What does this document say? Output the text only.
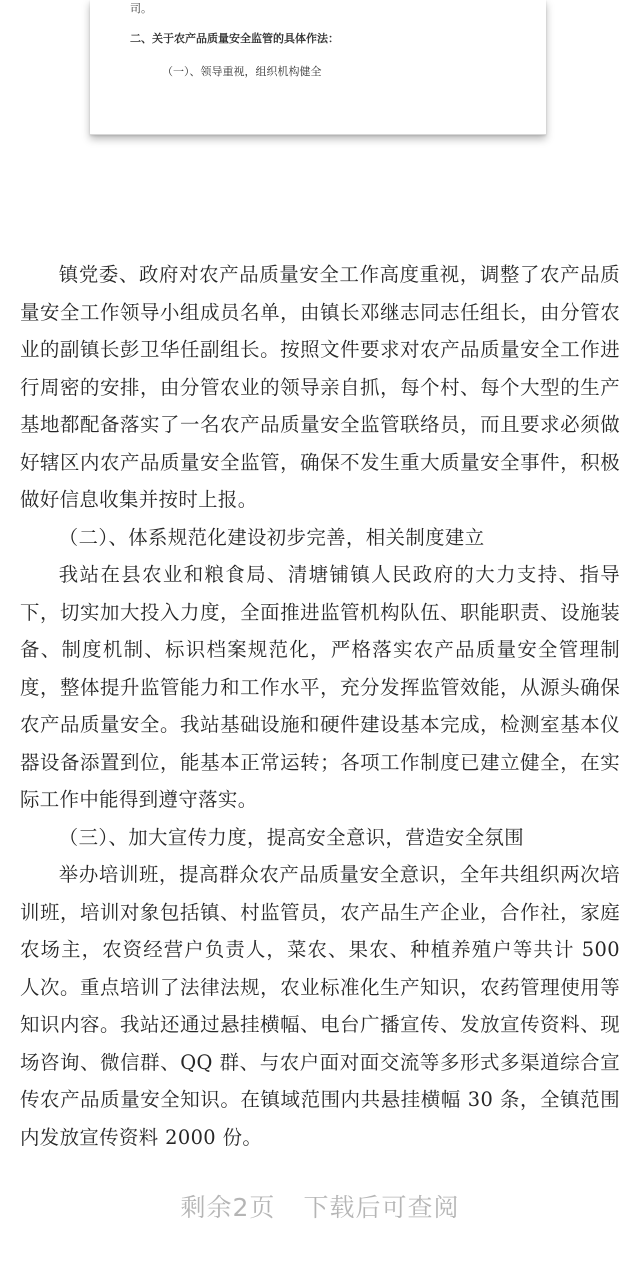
司。
二、关于农产品质量安全监管的具体作法：
（一）、领导重视，组织机构健全

镇党委、政府对农产品质量安全工作高度重视，调整了农产品质量安全工作领导小组成员名单，由镇长邓继志同志任组长，由分管农业的副镇长彭卫华任副组长。按照文件要求对农产品质量安全工作进行周密的安排，由分管农业的领导亲自抓，每个村、每个大型的生产基地都配备落实了一名农产品质量安全监管联络员，而且要求必须做好辖区内农产品质量安全监管，确保不发生重大质量安全事件，积极做好信息收集并按时上报。

（二）、体系规范化建设初步完善，相关制度建立

我站在县农业和粮食局、清塘铺镇人民政府的大力支持、指导下，切实加大投入力度，全面推进监管机构队伍、职能职责、设施装备、制度机制、标识档案规范化，严格落实农产品质量安全管理制度，整体提升监管能力和工作水平，充分发挥监管效能，从源头确保农产品质量安全。我站基础设施和硬件建设基本完成，检测室基本仪器设备添置到位，能基本正常运转；各项工作制度已建立健全，在实际工作中能得到遵守落实。

（三）、加大宣传力度，提高安全意识，营造安全氛围

举办培训班，提高群众农产品质量安全意识，全年共组织两次培训班，培训对象包括镇、村监管员，农产品生产企业，合作社，家庭农场主，农资经营户负责人，菜农、果农、种植养殖户等共计 500 人次。重点培训了法律法规，农业标准化生产知识，农药管理使用等知识内容。我站还通过悬挂横幅、电台广播宣传、发放宣传资料、现场咨询、微信群、QQ 群、与农户面对面交流等多形式多渠道综合宣传农产品质量安全知识。在镇域范围内共悬挂横幅 30 条，全镇范围内发放宣传资料 2000 份。

剩余2页 下载后可查阅
